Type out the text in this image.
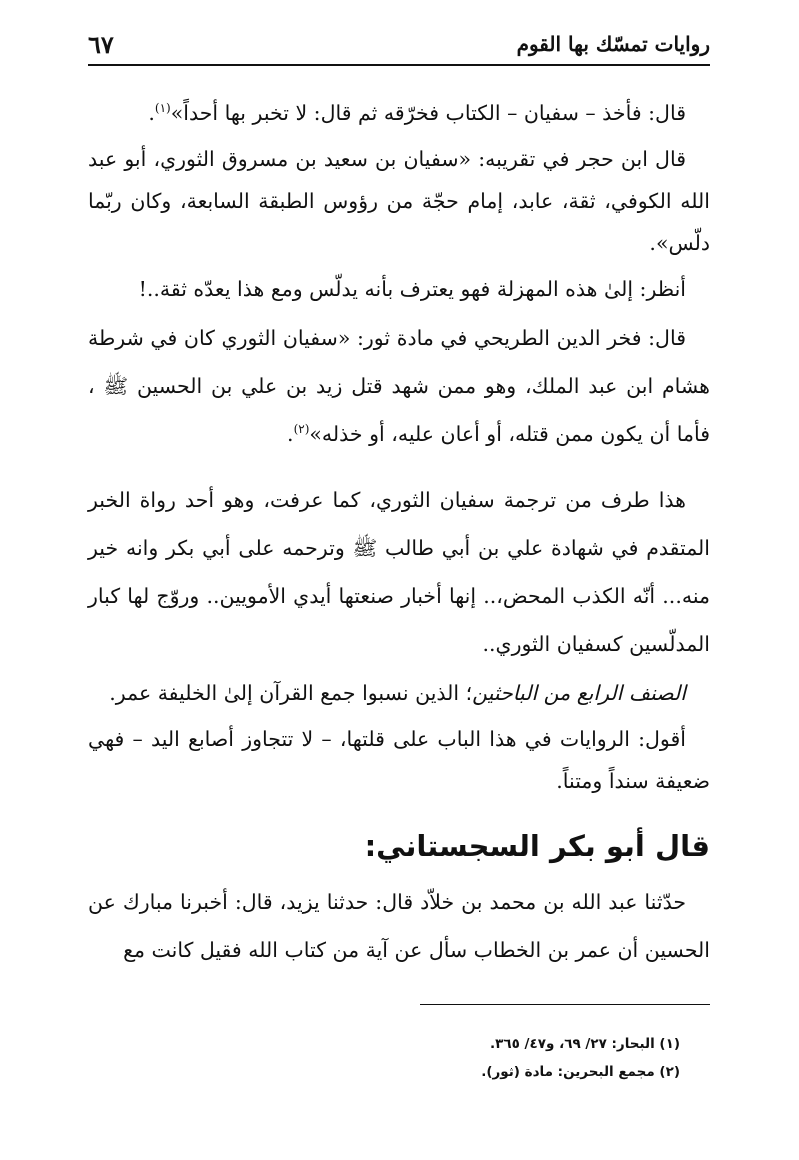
روايات تمسّك بها القوم
٦٧

قال: فأخذ – سفيان – الكتاب فخرّقه ثم قال: لا تخبر بها أحداً»$^{(١)}$.

قال ابن حجر في تقريبه: «سفيان بن سعيد بن مسروق الثوري، أبو عبد الله الكوفي، ثقة، عابد، إمام حجّة من رؤوس الطبقة السابعة، وكان ربّما دلّس».

أنظر: إلىٰ هذه المهزلة فهو يعترف بأنه يدلّس ومع هذا يعدّه ثقة..!

قال: فخر الدين الطريحي في مادة ثور: «سفيان الثوري كان في شرطة هشام ابن عبد الملك، وهو ممن شهد قتل زيد بن علي بن الحسين ﷺ ، فأما أن يكون ممن قتله، أو أعان عليه، أو خذله»$^{(٢)}$.

هذا طرف من ترجمة سفيان الثوري، كما عرفت، وهو أحد رواة الخبر المتقدم في شهادة علي بن أبي طالب ﷺ وترحمه على أبي بكر وانه خير منه... أنّه الكذب المحض،.. إنها أخبار صنعتها أيدي الأمويين.. وروّج لها كبار المدلّسين كسفيان الثوري..

الصنف الرابع من الباحثين؛ الذين نسبوا جمع القرآن إلىٰ الخليفة عمر.

أقول: الروايات في هذا الباب على قلتها، – لا تتجاوز أصابع اليد – فهي ضعيفة سنداً ومتناً.

قال أبو بكر السجستاني:

حدّثنا عبد الله بن محمد بن خلاّد قال: حدثنا يزيد، قال: أخبرنا مبارك عن الحسين أن عمر بن الخطاب سأل عن آية من كتاب الله فقيل كانت مع

(١) البحار: ٢٧/ ٦٩، و٤٧/ ٣٦٥.
(٢) مجمع البحرين: مادة (ثور).
